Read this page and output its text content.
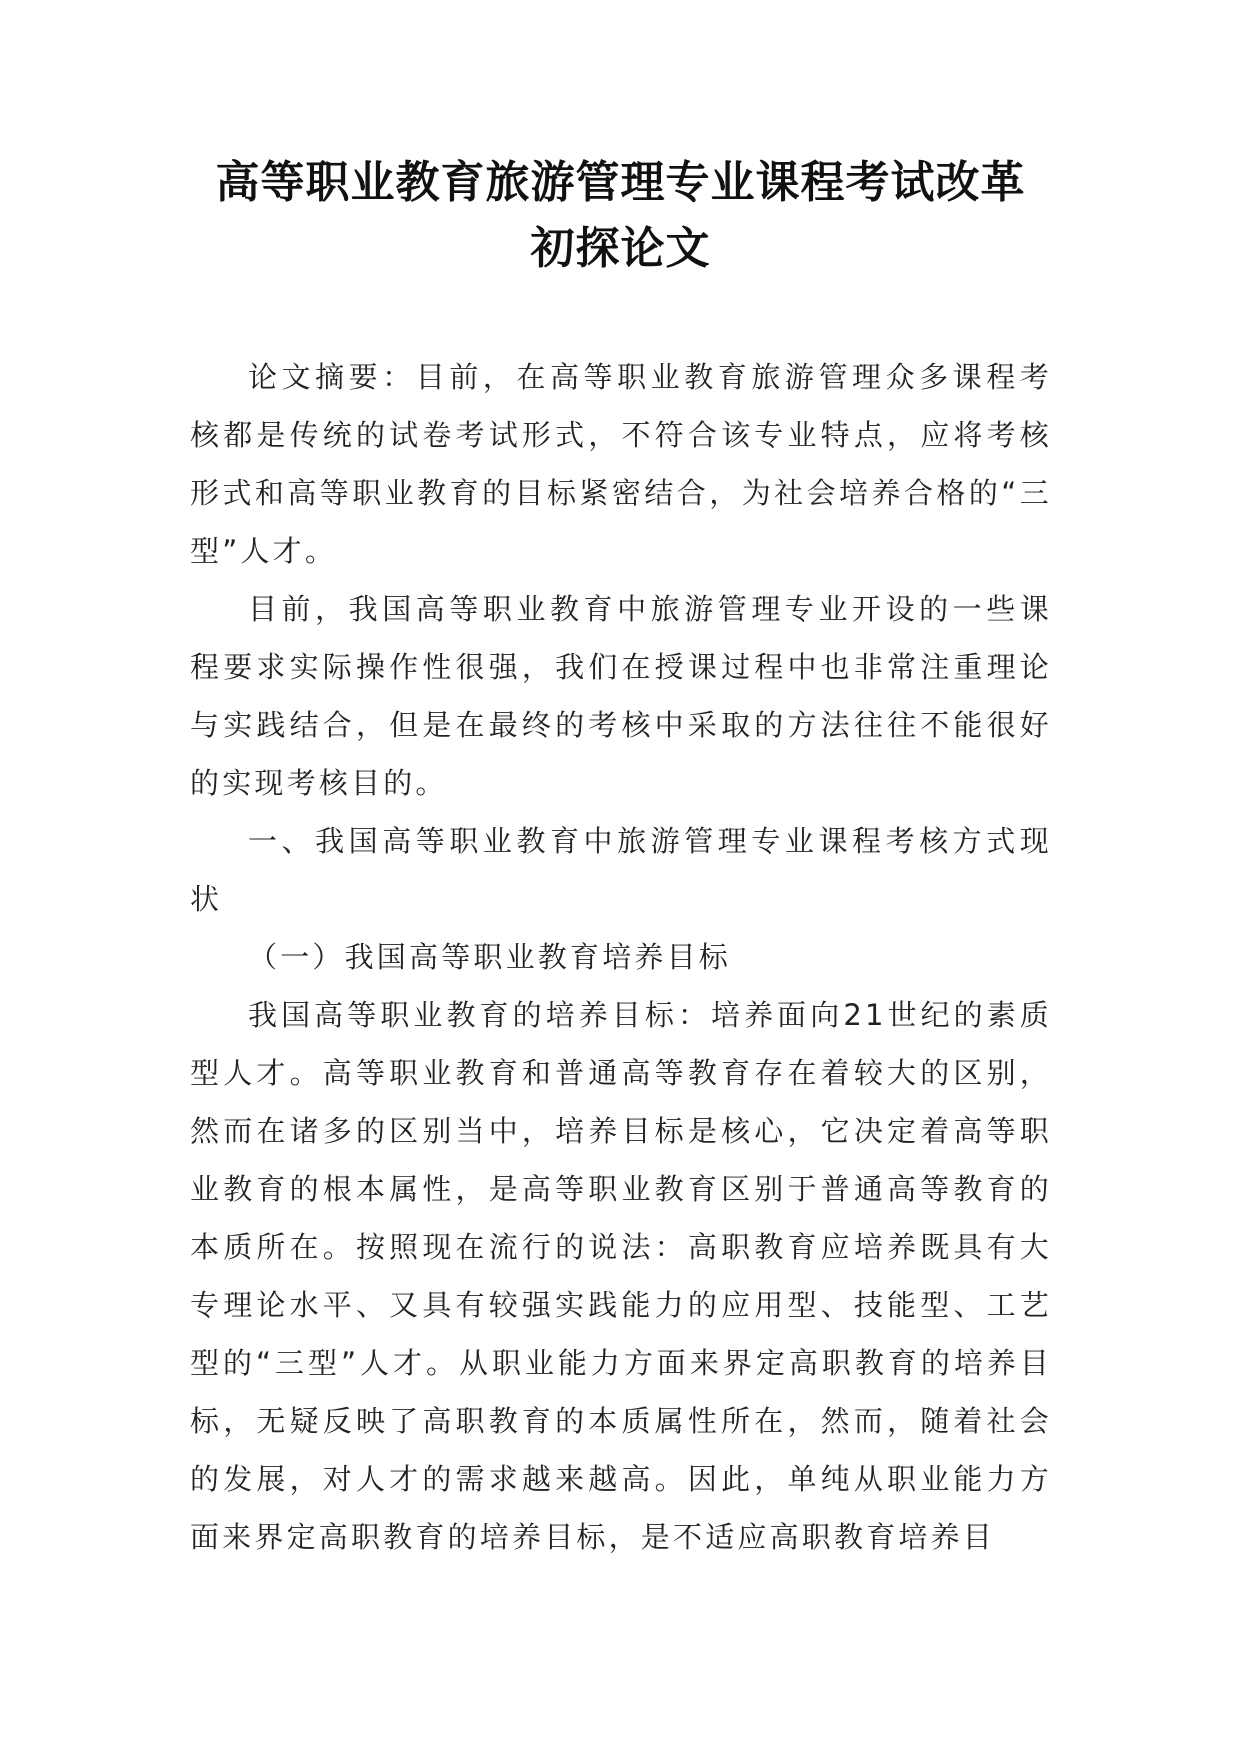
高等职业教育旅游管理专业课程考试改革
初探论文

论文摘要：目前，在高等职业教育旅游管理众多课程考核都是传统的试卷考试形式，不符合该专业特点，应将考核形式和高等职业教育的目标紧密结合，为社会培养合格的“三型”人才。

目前，我国高等职业教育中旅游管理专业开设的一些课程要求实际操作性很强，我们在授课过程中也非常注重理论与实践结合，但是在最终的考核中采取的方法往往不能很好的实现考核目的。

一、我国高等职业教育中旅游管理专业课程考核方式现状

（一）我国高等职业教育培养目标

我国高等职业教育的培养目标：培养面向21世纪的素质型人才。高等职业教育和普通高等教育存在着较大的区别，然而在诸多的区别当中，培养目标是核心，它决定着高等职业教育的根本属性，是高等职业教育区别于普通高等教育的本质所在。按照现在流行的说法：高职教育应培养既具有大专理论水平、又具有较强实践能力的应用型、技能型、工艺型的“三型”人才。从职业能力方面来界定高职教育的培养目标，无疑反映了高职教育的本质属性所在，然而，随着社会的发展，对人才的需求越来越高。因此，单纯从职业能力方面来界定高职教育的培养目标，是不适应高职教育培养目
